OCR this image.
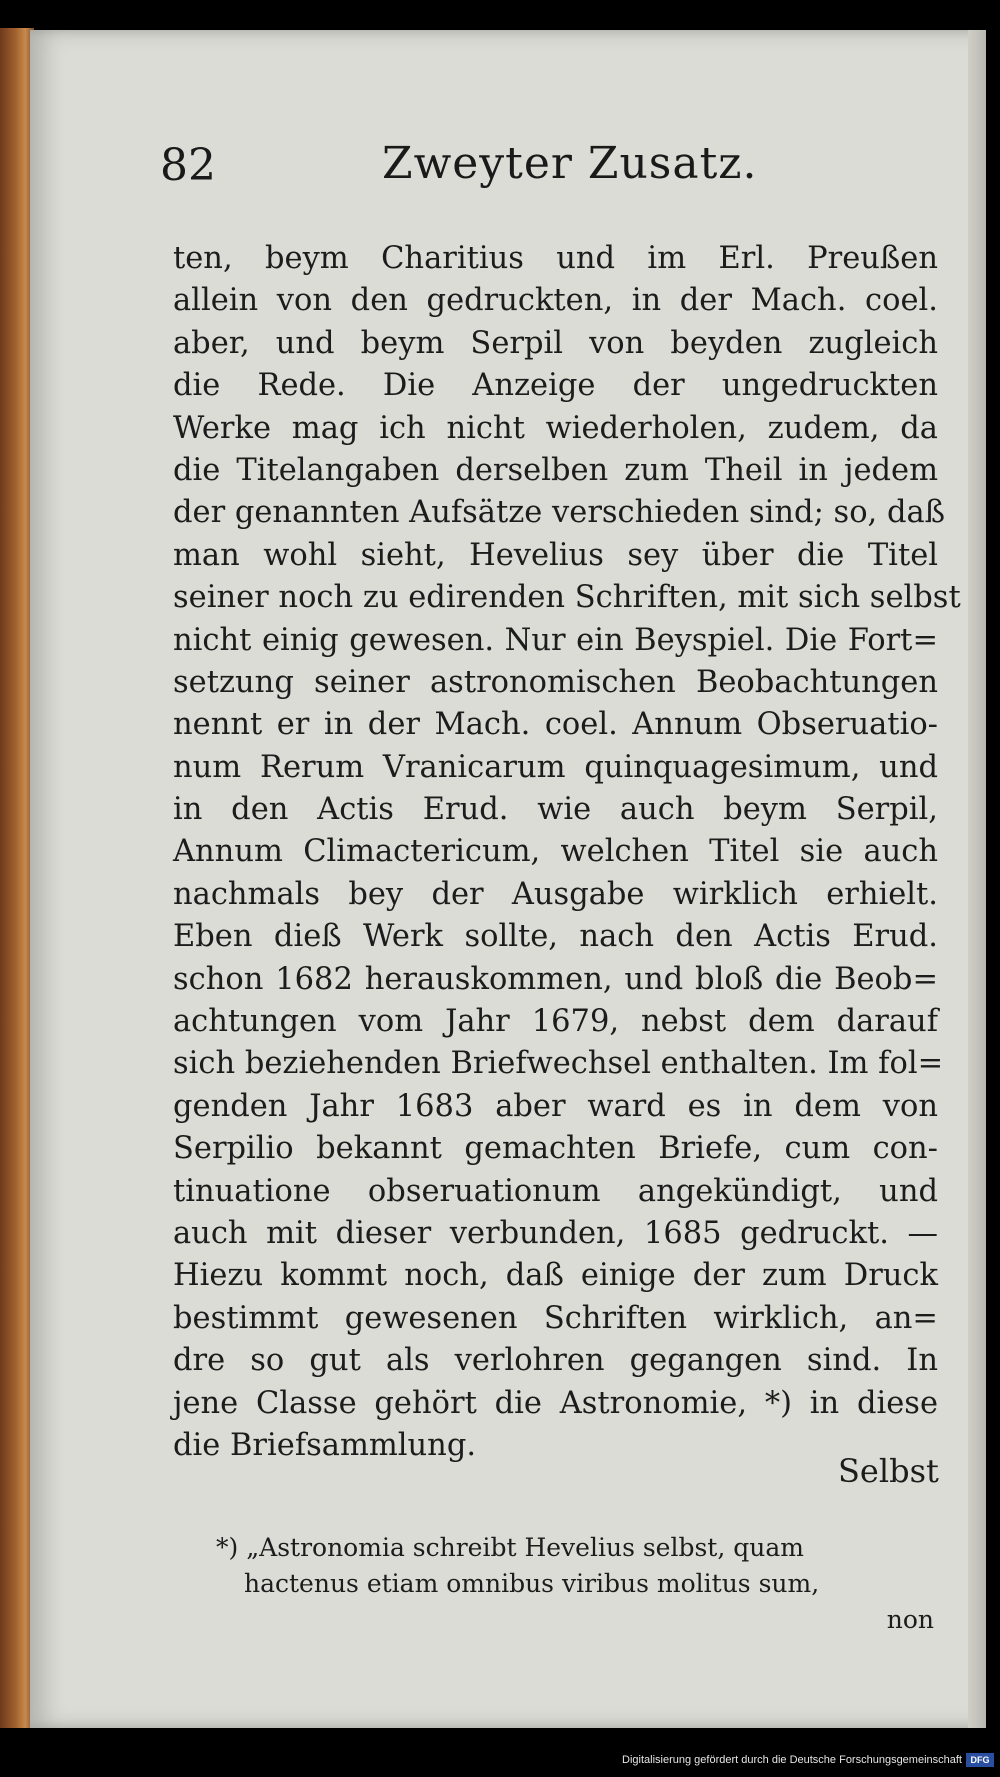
82	Zweyter Zusatz.
ten, beym Charitius und im Erl. Preußen
allein von den gedruckten, in der Mach. coel.
aber, und beym Serpil von beyden zugleich
die Rede. Die Anzeige der ungedruckten
Werke mag ich nicht wiederholen, zudem, da
die Titelangaben derselben zum Theil in jedem
der genannten Aufsätze verschieden sind; so, daß
man wohl sieht, Hevelius sey über die Titel
seiner noch zu edirenden Schriften, mit sich selbst
nicht einig gewesen. Nur ein Beyspiel. Die Fort=
setzung seiner astronomischen Beobachtungen
nennt er in der Mach. coel. Annum Obseruatio-
num Rerum Vranicarum quinquagesimum, und
in den Actis Erud. wie auch beym Serpil,
Annum Climactericum, welchen Titel sie auch
nachmals bey der Ausgabe wirklich erhielt.
Eben dieß Werk sollte, nach den Actis Erud.
schon 1682 herauskommen, und bloß die Beob=
achtungen vom Jahr 1679, nebst dem darauf
sich beziehenden Briefwechsel enthalten. Im fol=
genden Jahr 1683 aber ward es in dem von
Serpilio bekannt gemachten Briefe, cum con-
tinuatione obseruationum angekündigt, und
auch mit dieser verbunden, 1685 gedruckt. —
Hiezu kommt noch, daß einige der zum Druck
bestimmt gewesenen Schriften wirklich, an=
dre so gut als verlohren gegangen sind. In
jene Classe gehört die Astronomie, *) in diese
die Briefsammlung.
Selbst
*) „Astronomia schreibt Hevelius selbst, quam
hactenus etiam omnibus viribus molitus sum,
non
Digitalisierung gefördert durch die Deutsche Forschungsgemeinschaft DFG
